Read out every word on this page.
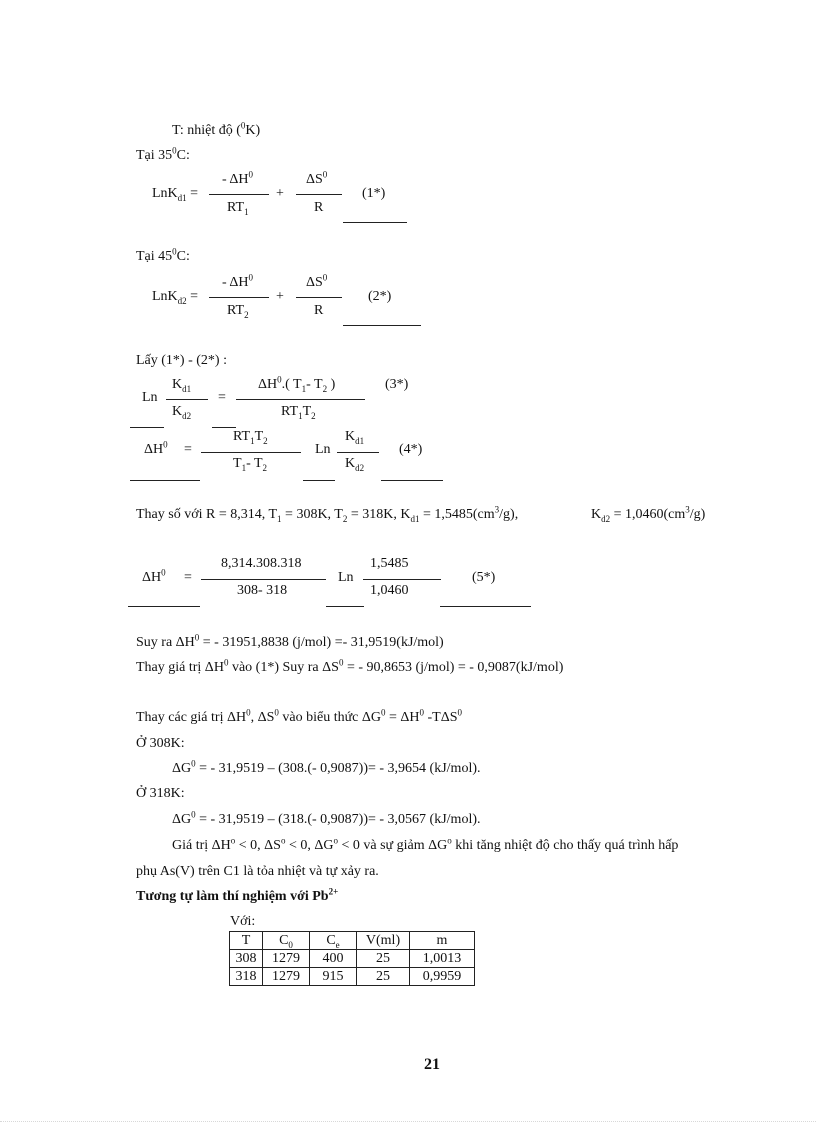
T: nhiệt độ ($^0$K)
Tại $35^0C$:
LnK$_{d1}$ =
- $\Delta H^0$
$RT_1$
+
$\Delta S^0$
R
(1*)
Tại $45^0C$:
LnK$_{d2}$ =
- $\Delta H^0$
$RT_2$
+
$\Delta S^0$
R
(2*)
Lấy (1*) - (2*) :
Ln
$K_{d1}$
$K_{d2}$
=
$\Delta H^0$.( $T_1-$ $T_2$ )
$RT_1T_2$
(3*)
$\Delta H^0$ =
$RT_1T_2$
$T_1-$ $T_2$
Ln
$K_{d1}$
$K_{d2}$
(4*)
Thay số với R = 8,314, $T_1 = 308K$, $T_2 = 318K$, $K_{d1} = 1,5485(cm^3/g)$,	$K_{d2} = 1,0460(cm^3/g)$
$\Delta H^0$ =
8,314.308.318
308- 318
Ln
1,5485
1,0460
(5*)
Suy ra $\Delta H^0$ = - 31951,8838 (j/mol) =- 31,9519(kJ/mol)
Thay giá trị $\Delta H^0$ vào (1*) Suy ra $\Delta S^0$ = - 90,8653 (j/mol) = - 0,9087(kJ/mol)
Thay các giá trị $\Delta H^0$, $\Delta S^0$ vào biểu thức $\Delta G^0 = \Delta H^0$ -TΔS$^0$
Ở 308K:
$\Delta G^0$ = - 31,9519 – (308.(- 0,9087))= - 3,9654 (kJ/mol).
Ở 318K:
$\Delta G^0$ = - 31,9519 – (318.(- 0,9087))= - 3,0567 (kJ/mol).
Giá trị $\Delta H^o < 0$, $\Delta S^o < 0$, $\Delta G^o < 0$ và sự giảm $\Delta G^o$ khi tăng nhiệt độ cho thấy quá trình hấp
phụ As(V) trên C1 là tỏa nhiệt và tự xảy ra.
Tương tự làm thí nghiệm với $Pb^{2+}$
Với:
T	$C_0$	$C_e$	V(ml)	m
308	1279	400	25	1,0013
318	1279	915	25	0,9959
21
